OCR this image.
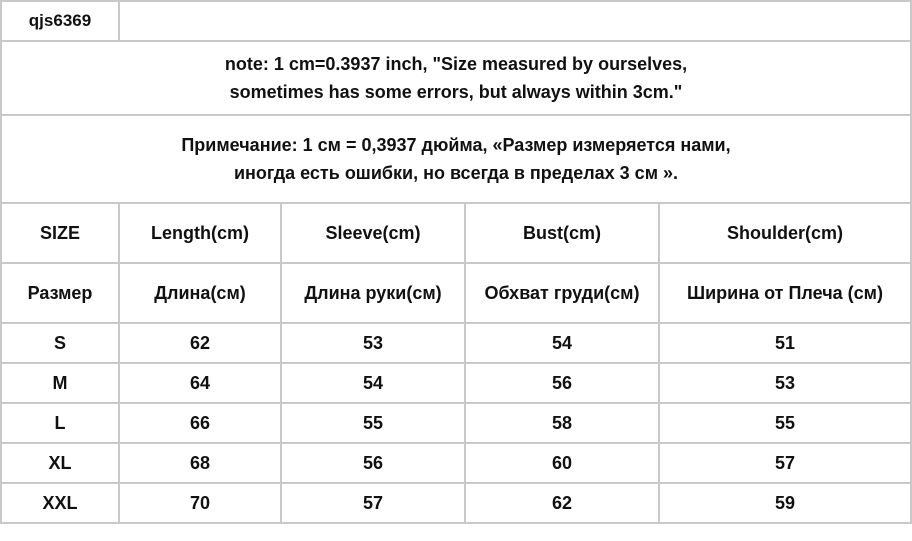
qjs6369				

note: 1 cm=0.3937 inch, "Size measured by ourselves,
sometimes has some errors, but always within 3cm."				

Примечание: 1 см = 0,3937 дюйма, «Размер измеряется нами,
иногда есть ошибки, но всегда в пределах 3 см ».				

SIZE	Length(cm)	Sleeve(cm)	Bust(cm)	Shoulder(cm)
Размер	Длина(см)	Длина руки(см)	Обхват груди(см)	Ширина от Плеча (см)
S	62	53	54	51
M	64	54	56	53
L	66	55	58	55
XL	68	56	60	57
XXL	70	57	62	59
